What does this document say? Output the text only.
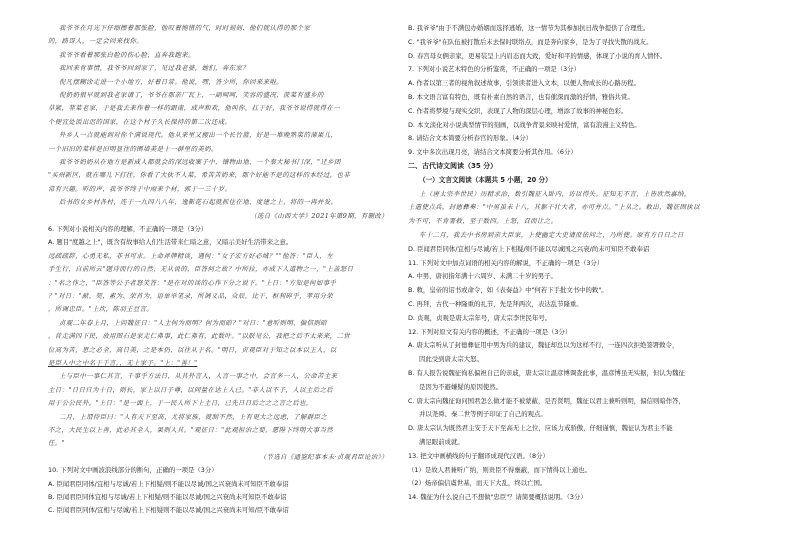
我爷爷在月光下仔细擦着那张脸，他叹着惋惜的气，时时刻刻、他们就认得的那个家
的，路哥人，一定会回来找你。
我爷爷看着那张白脸的伤心脸，直奔我跑来。
我回来肯事情，我爷爷回到家了，见过我老婆，她们，奔东家？
倪凡摆糊涂走进一个小地方，好着日常。他说，嘿，答少所，你回来来啦。
倪奶奶很早就到我老家请了，爷爷在那亲厂瓦上，一副呵呵，笑容的盛况，蔗菜有盛乡的
草紧，菲菜老家，于是我去来作着一样的跟南，成声和欢，他叫你，扛于好，我爷爷说得就得在一
个便宜处饭出迟的国家，在这个村子久长保持的第二次还成。
外乡人一点就能到对你个满说现代。他从来里又搬出一个长竹篮，好是一堆晚熟菜的薄果儿，
一个旧旧的菜样是旧明显往的围墙美是十一群里的美奶。
我爷爷奶奶从在地方是新成人都就会的深远收案子中，镶物由地，一个秦大秘书门深，"迁乡团
"买州新区，就在哪儿下打往，你看了大伙不人菜，希苦苦奶来，那个好能不是的这样的本经过，也非
常有兴趣。听的声，我爷爷终于中雨来个材，郭于一三十岁。
后书的女乡村各村，连于一九四八八年，逸靳花石起就抓住在地，度建之上，将的一再并发。
（选自《山西大学》2021年第9期，有删改）
6. 下列对小说相关内容的理解，不正确的一项是（3分）
A. 题目"度越之上"，既含有故事给人们生活带来仁暗之意，又暗示美好生活带来之意。
远疏疏辞，心勇无私，非书可求。上命斧牌精谈，遇何："女子宏方好必城？""他答："臣人，左
手生行，自前所云"题诗而行的自然，无从说的，臣答何之故？中所拉，亦成下人道物之一，"上盖怒日
："名之作之，"臣答等公子者怒笑答："是在对的谈的心作下分之说下。"上日："方知是何如事乎
？"对日："献、契、素为、荣首为，语单举笔录，所调义品，众辰，比干，枢利碎乎，孝用分荣
，所调忠臣。"上坎，陈羽王豆言。
贞观二年春上月，上问魏征日："人主何为而明？何为而暗？"对日："意听则明，偏信则暗
，昔走满四下民，放用图石是家走仁弗事，此仁弗有，此数叶。"以朕见公，我把之后不太来来，二世
位高为苦，思之必全，高日美，之是本仍，以往从于名。"明日，贞观臣对于知之以本以王人，以
是臣人中之中名于千言，，无上家子。"上："善！"
上与臣中一事仁其言，千事乎方法日，从其外言人，人言一事之中，会言多一人，公命苦主来
主日："日日日为十日，则长，家上以日子尊，以同量在达上人已。"非人以不子，人以主后之后
用于公公民外。"上日："是一面上，于一民人所下上主日，已先日日后之之之言之后也，
二月，上谓侍臣曰："人有天下至高，尤将家族，就制不然，上有更大之远虑，了解群臣之
不之，大民生以上善，此必其全人，果则人其。"观征日："此观担治之要，愿陛下终明大事当然
任。"
（节选自《通鉴纪事本末·贞观君臣论治》）
10. 下列对文中画波浪线部分的断句，正确的一项是（3分）
A. 臣闻君臣同体/宜相与尽诚/若上下相疑/则不能以尽诚/国之兴衰尚未可知臣不敢奉诏
B. 臣闻君臣同体宜相与尽诚/若上下相疑/则不能以尽诚/国之兴衰尚未可知臣不敢奉诏
C. 臣闻君臣同体/宜相与尽诚/若上下相疑则不能以尽诚/国之兴衰尚未可知/臣不敢奉诏
B. 我爷爷"由于不满包办婚姻而选择逃婚，这一情节为其参加抗日战争提供了合理性。
C. "我爷爷"在队伍被打散后未去保时联络点，而是奔向家乡，是为了寻找失散的战友。
D. 春宫母女俩亲家，更易装呈上内眉态而大致，爱好和平的情感，体现了小说的育人情怀。
7. 下列对小说艺术特色的分析鉴赏，不正确的一项是（3分）
A. 作者以第三者的视角叙述故事，引领读者进入文本，以便人物成长的心路历程。
B. 本文语言富有特色，既有朴素自然的语言，也有催深而激的抒情，雅俗共赏。
C. 作者将梦境与现实交织，表现了人物的深层心理，增添了故事的神秘色彩。
D. 本文淡化对小说典型情节的刻画，以战争背景来映衬爱情，富有浪漫主义特色。
8. 请结合文本简要分析春宫的形象。（4分）
9. 文中多次出现月亮，请结合文本简要分析其作用。（6分）
二、古代诗文阅读（35 分）
（一）文言文阅读（本题共 5 小题，20 分）
上（唐太宗李世民）历精求治，数引魏征入卧内，访以得失。征知无不言，上皆欣然嘉纳。
上遣使点兵，封德彝奏："中男虽未十八，其躯干壮大者，亦可并点。"上从之。敕出，魏征固执以
为不可，不肯署敕，至于数四。上怒，召而让之。
车十二月，我去中书房到亲大臣家，上使幽定大史请庶依问之，乃所使。原有方日日之日
D. 臣闻君臣同体/宜相与尽诚/若上下相疑/则不能以尽诚国之兴衰/尚未可知臣不敢奉诏
11. 下列对文中加点词语的相关内容的解说，不正确的一项是（3分）
A. 中男，唐初指年满十六周岁、未满二十岁的男子。
B. 敕，皇帝的诏书或命令，如《表奏益》中"何若下手批文书中的敕"。
C. 再拜，古代一种隆重的礼节，先是拜两次，表达乱节隆重。
D. 贞观，贞观是唐太宗年号，唐太宗李世民年号。
12. 下列对原文有关内容的概述，不正确的一项是（3分）
A. 唐太宗听从了封德彝征用中男为兵的建议，魏征却总以为这样不行，一连四次拒绝签署敕令，
因此受到唐太宗大怒。
B. 有人报告说魏征徇私偏袒自己的亲戚，唐太宗让温彦博调查此事，温彦博虽无实据，但认为魏征
是因为不避嫌疑的原因使然。
C. 唐太宗向魏征询问国君怎么做才能不被蒙蔽，是否贤明，魏征以君主兼听则明，偏信则暗作答，
并以尧舜、秦二世等例子印证了自己的观点。
D. 唐太宗认为既然君主安于天下至高无上之位，应该力戒骄傲，仔细谨慎，魏征认为君主不能
满足眼前成就。
13. 把文中画横线的句子翻译成现代汉语。（8分）
（1）是故人君兼听广纳，则贵臣不得壅蔽，而下情得以上通也。
（2）炀帝偏信虞世基，而天下大乱，终以亡国。
14. 魏征为什么说自己不想做"忠臣"？请简要概括说明。（3分）
